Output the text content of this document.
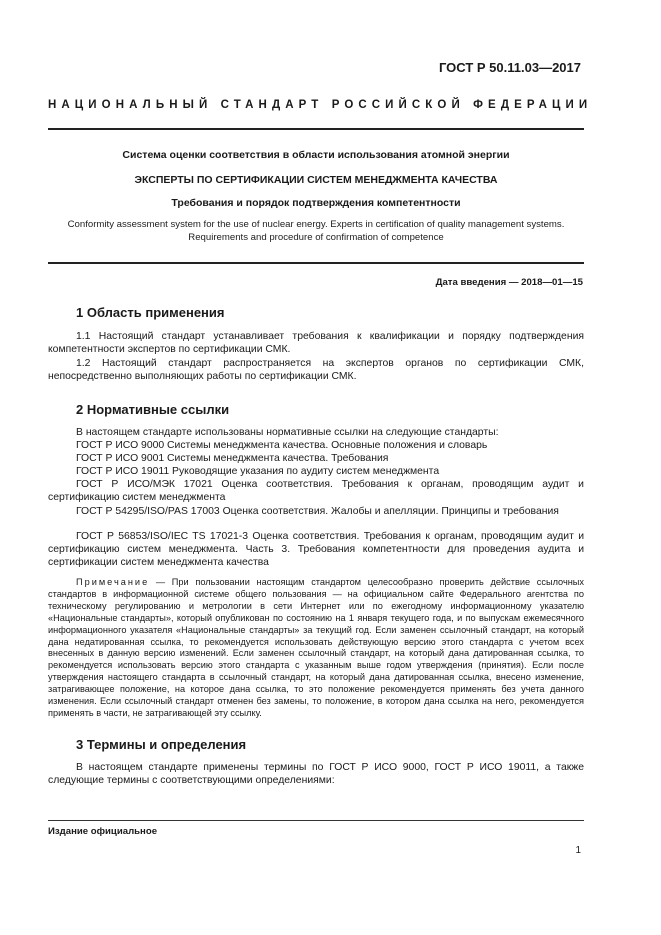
ГОСТ Р 50.11.03—2017
НАЦИОНАЛЬНЫЙ СТАНДАРТ РОССИЙСКОЙ ФЕДЕРАЦИИ
Система оценки соответствия в области использования атомной энергии
ЭКСПЕРТЫ ПО СЕРТИФИКАЦИИ СИСТЕМ МЕНЕДЖМЕНТА КАЧЕСТВА
Требования и порядок подтверждения компетентности
Conformity assessment system for the use of nuclear energy. Experts in certification of quality management systems.
Requirements and procedure of confirmation of competence
Дата введения — 2018—01—15
1 Область применения
1.1 Настоящий стандарт устанавливает требования к квалификации и порядку подтверждения компетентности экспертов по сертификации СМК.
1.2 Настоящий стандарт распространяется на экспертов органов по сертификации СМК, непосредственно выполняющих работы по сертификации СМК.
2 Нормативные ссылки
В настоящем стандарте использованы нормативные ссылки на следующие стандарты:
ГОСТ Р ИСО 9000 Системы менеджмента качества. Основные положения и словарь
ГОСТ Р ИСО 9001 Системы менеджмента качества. Требования
ГОСТ Р ИСО 19011 Руководящие указания по аудиту систем менеджмента
ГОСТ Р ИСО/МЭК 17021 Оценка соответствия. Требования к органам, проводящим аудит и сертификацию систем менеджмента
ГОСТ Р 54295/ISO/PAS 17003 Оценка соответствия. Жалобы и апелляции. Принципы и требования
ГОСТ Р 56853/ISO/IEC TS 17021-3 Оценка соответствия. Требования к органам, проводящим аудит и сертификацию систем менеджмента. Часть 3. Требования компетентности для проведения аудита и сертификации систем менеджмента качества
Примечание — При пользовании настоящим стандартом целесообразно проверить действие ссылочных стандартов в информационной системе общего пользования — на официальном сайте Федерального агентства по техническому регулированию и метрологии в сети Интернет или по ежегодному информационному указателю «Национальные стандарты», который опубликован по состоянию на 1 января текущего года, и по выпускам ежемесячного информационного указателя «Национальные стандарты» за текущий год. Если заменен ссылочный стандарт, на который дана недатированная ссылка, то рекомендуется использовать действующую версию этого стандарта с учетом всех внесенных в данную версию изменений. Если заменен ссылочный стандарт, на который дана датированная ссылка, то рекомендуется использовать версию этого стандарта с указанным выше годом утверждения (принятия). Если после утверждения настоящего стандарта в ссылочный стандарт, на который дана датированная ссылка, внесено изменение, затрагивающее положение, на которое дана ссылка, то это положение рекомендуется применять без учета данного изменения. Если ссылочный стандарт отменен без замены, то положение, в котором дана ссылка на него, рекомендуется применять в части, не затрагивающей эту ссылку.
3 Термины и определения
В настоящем стандарте применены термины по ГОСТ Р ИСО 9000, ГОСТ Р ИСО 19011, а также следующие термины с соответствующими определениями:
Издание официальное
1
